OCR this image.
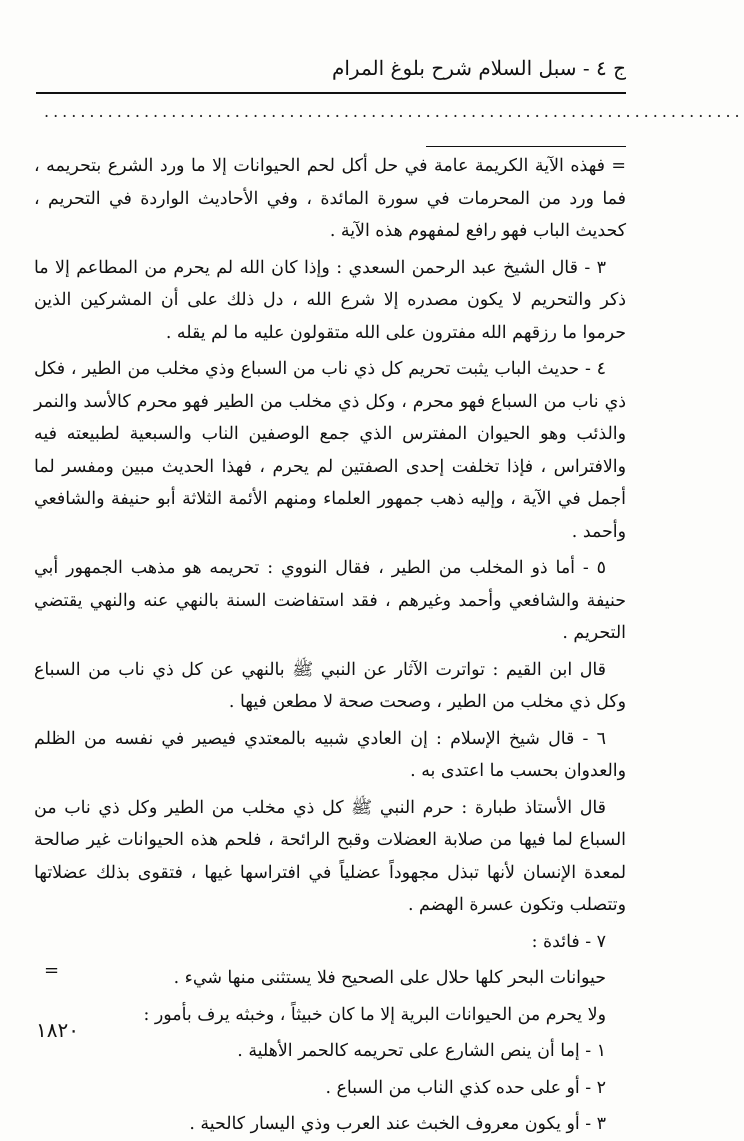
ج ٤ - سبل السلام شرح بلوغ المرام
.............................................................................

= فهذه الآية الكريمة عامة في حل أكل لحم الحيوانات إلا ما ورد الشرع بتحريمه ، فما ورد من المحرمات في سورة المائدة ، وفي الأحاديث الواردة في التحريم ، كحديث الباب فهو رافع لمفهوم هذه الآية .

٣ - قال الشيخ عبد الرحمن السعدي : وإذا كان الله لم يحرم من المطاعم إلا ما ذكر والتحريم لا يكون مصدره إلا شرع الله ، دل ذلك على أن المشركين الذين حرموا ما رزقهم الله مفترون على الله متقولون عليه ما لم يقله .

٤ - حديث الباب يثبت تحريم كل ذي ناب من السباع وذي مخلب من الطير ، فكل ذي ناب من السباع فهو محرم ، وكل ذي مخلب من الطير فهو محرم كالأسد والنمر والذئب وهو الحيوان المفترس الذي جمع الوصفين الناب والسبعية لطبيعته فيه والافتراس ، فإذا تخلفت إحدى الصفتين لم يحرم ، فهذا الحديث مبين ومفسر لما أجمل في الآية ، وإليه ذهب جمهور العلماء ومنهم الأئمة الثلاثة أبو حنيفة والشافعي وأحمد .

٥ - أما ذو المخلب من الطير ، فقال النووي : تحريمه هو مذهب الجمهور أبي حنيفة والشافعي وأحمد وغيرهم ، فقد استفاضت السنة بالنهي عنه والنهي يقتضي التحريم .

قال ابن القيم : تواترت الآثار عن النبي ﷺ بالنهي عن كل ذي ناب من السباع وكل ذي مخلب من الطير ، وصحت صحة لا مطعن فيها .

٦ - قال شيخ الإسلام : إن العادي شبيه بالمعتدي فيصير في نفسه من الظلم والعدوان بحسب ما اعتدى به .

قال الأستاذ طبارة : حرم النبي ﷺ كل ذي مخلب من الطير وكل ذي ناب من السباع لما فيها من صلابة العضلات وقبح الرائحة ، فلحم هذه الحيوانات غير صالحة لمعدة الإنسان لأنها تبذل مجهوداً عضلياً في افتراسها غيها ، فتقوى بذلك عضلاتها وتتصلب وتكون عسرة الهضم .

٧ - فائدة :

حيوانات البحر كلها حلال على الصحيح فلا يستثنى منها شيء .

ولا يحرم من الحيوانات البرية إلا ما كان خبيثاً ، وخبثه يرف بأمور :

١ - إما أن ينص الشارع على تحريمه كالحمر الأهلية .

٢ - أو على حده كذي الناب من السباع .

٣ - أو يكون معروف الخبث عند العرب وذي اليسار كالحية .

=
١٨٢٠
